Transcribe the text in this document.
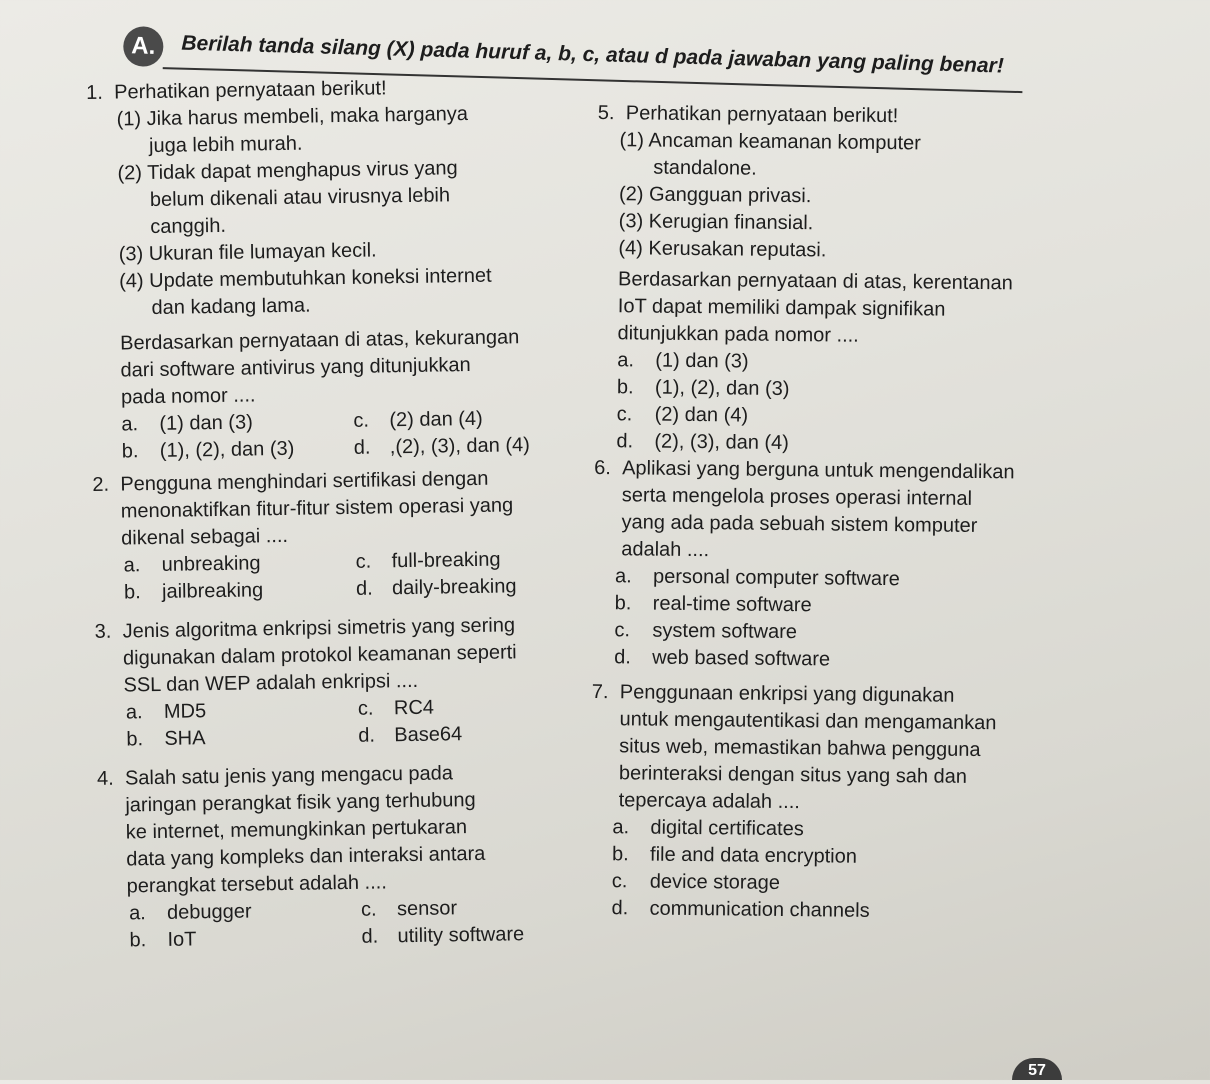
A.	Berilah tanda silang (X) pada huruf a, b, c, atau d pada jawaban yang paling benar!
1. Perhatikan pernyataan berikut!
(1) Jika harus membeli, maka harganya
juga lebih murah.
(2) Tidak dapat menghapus virus yang
belum dikenali atau virusnya lebih
canggih.
(3) Ukuran file lumayan kecil.
(4) Update membutuhkan koneksi internet
dan kadang lama.
Berdasarkan pernyataan di atas, kekurangan
dari software antivirus yang ditunjukkan
pada nomor ....
a. (1) dan (3)	c. (2) dan (4)
b. (1), (2), dan (3)	d. ,(2), (3), dan (4)
2. Pengguna menghindari sertifikasi dengan
menonaktifkan fitur-fitur sistem operasi yang
dikenal sebagai ....
a. unbreaking	c. full-breaking
b. jailbreaking	d. daily-breaking
3. Jenis algoritma enkripsi simetris yang sering
digunakan dalam protokol keamanan seperti
SSL dan WEP adalah enkripsi ....
a. MD5	c. RC4
b. SHA	d. Base64
4. Salah satu jenis yang mengacu pada
jaringan perangkat fisik yang terhubung
ke internet, memungkinkan pertukaran
data yang kompleks dan interaksi antara
perangkat tersebut adalah ....
a. debugger	c. sensor
b. IoT	d. utility software
5. Perhatikan pernyataan berikut!
(1) Ancaman keamanan komputer
standalone.
(2) Gangguan privasi.
(3) Kerugian finansial.
(4) Kerusakan reputasi.
Berdasarkan pernyataan di atas, kerentanan
IoT dapat memiliki dampak signifikan
ditunjukkan pada nomor ....
a. (1) dan (3)
b. (1), (2), dan (3)
c. (2) dan (4)
d. (2), (3), dan (4)
6. Aplikasi yang berguna untuk mengendalikan
serta mengelola proses operasi internal
yang ada pada sebuah sistem komputer
adalah ....
a. personal computer software
b. real-time software
c. system software
d. web based software
7. Penggunaan enkripsi yang digunakan
untuk mengautentikasi dan mengamankan
situs web, memastikan bahwa pengguna
berinteraksi dengan situs yang sah dan
tepercaya adalah ....
a. digital certificates
b. file and data encryption
c. device storage
d. communication channels
57
